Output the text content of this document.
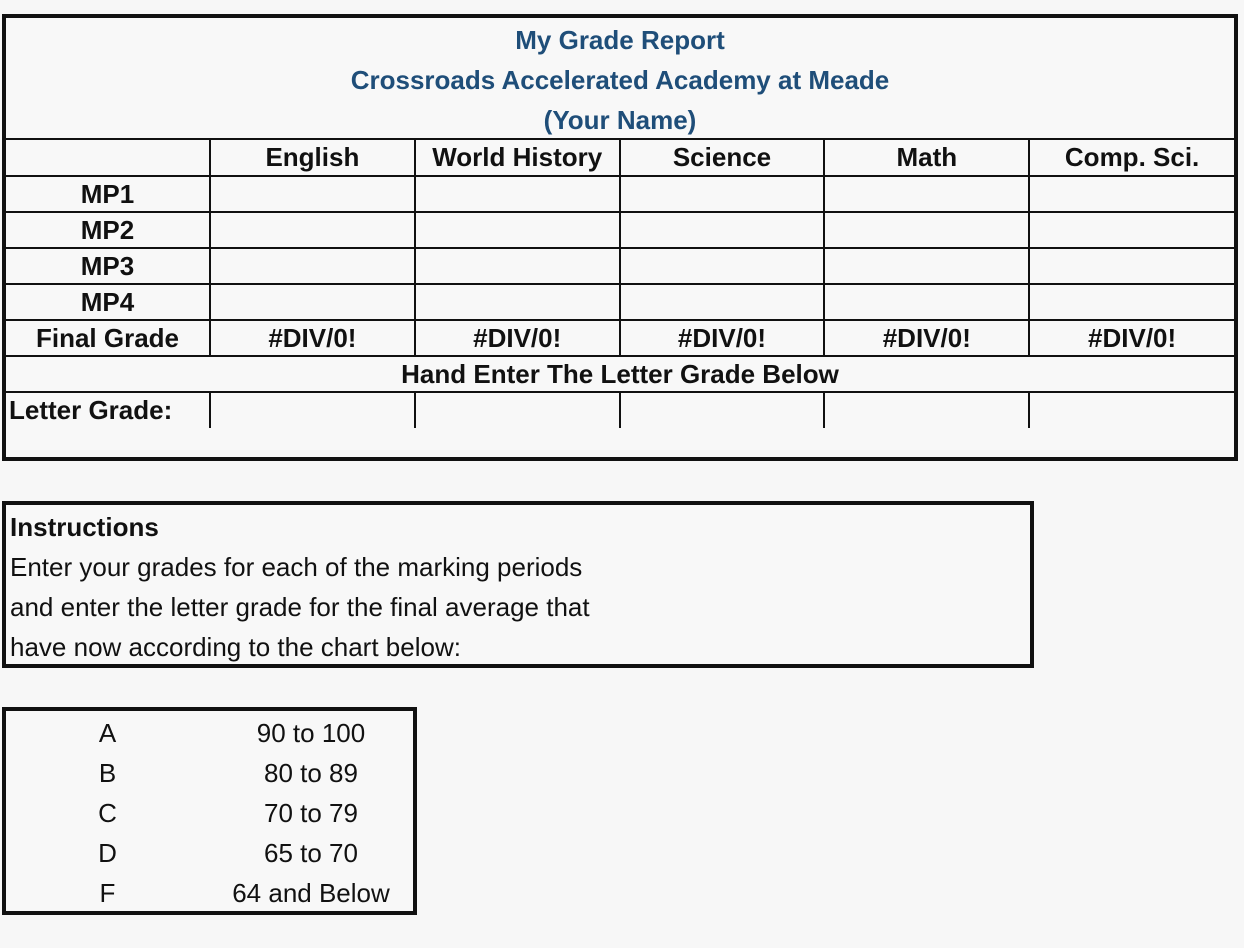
My Grade Report
Crossroads Accelerated Academy at Meade
(Your Name)
	English	World History	Science	Math	Comp. Sci.
MP1					
MP2					
MP3					
MP4					
Final Grade	#DIV/0!	#DIV/0!	#DIV/0!	#DIV/0!	#DIV/0!
Hand Enter The Letter Grade Below					
Letter Grade:					
Instructions
Enter your grades for each of the marking periods
and enter the letter grade for the final average that
have now according to the chart below:
A	90 to 100
B	80 to 89
C	70 to 79
D	65 to 70
F	64 and Below
